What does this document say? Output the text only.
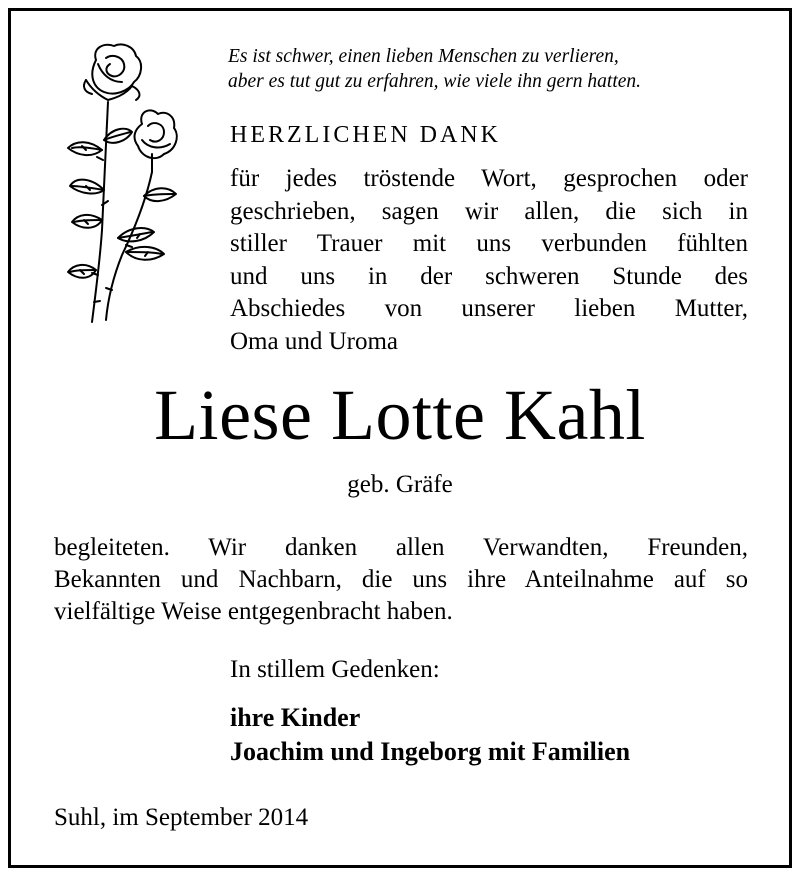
Es ist schwer, einen lieben Menschen zu verlieren,
aber es tut gut zu erfahren, wie viele ihn gern hatten.
HERZLICHEN DANK
für jedes tröstende Wort, gesprochen oder
geschrieben, sagen wir allen, die sich in
stiller Trauer mit uns verbunden fühlten
und uns in der schweren Stunde des
Abschiedes von unserer lieben Mutter,
Oma und Uroma
Liese Lotte Kahl
geb. Gräfe
begleiteten. Wir danken allen Verwandten, Freunden,
Bekannten und Nachbarn, die uns ihre Anteilnahme auf so
vielfältige Weise entgegenbracht haben.
In stillem Gedenken:
ihre Kinder
Joachim und Ingeborg mit Familien
Suhl, im September 2014
